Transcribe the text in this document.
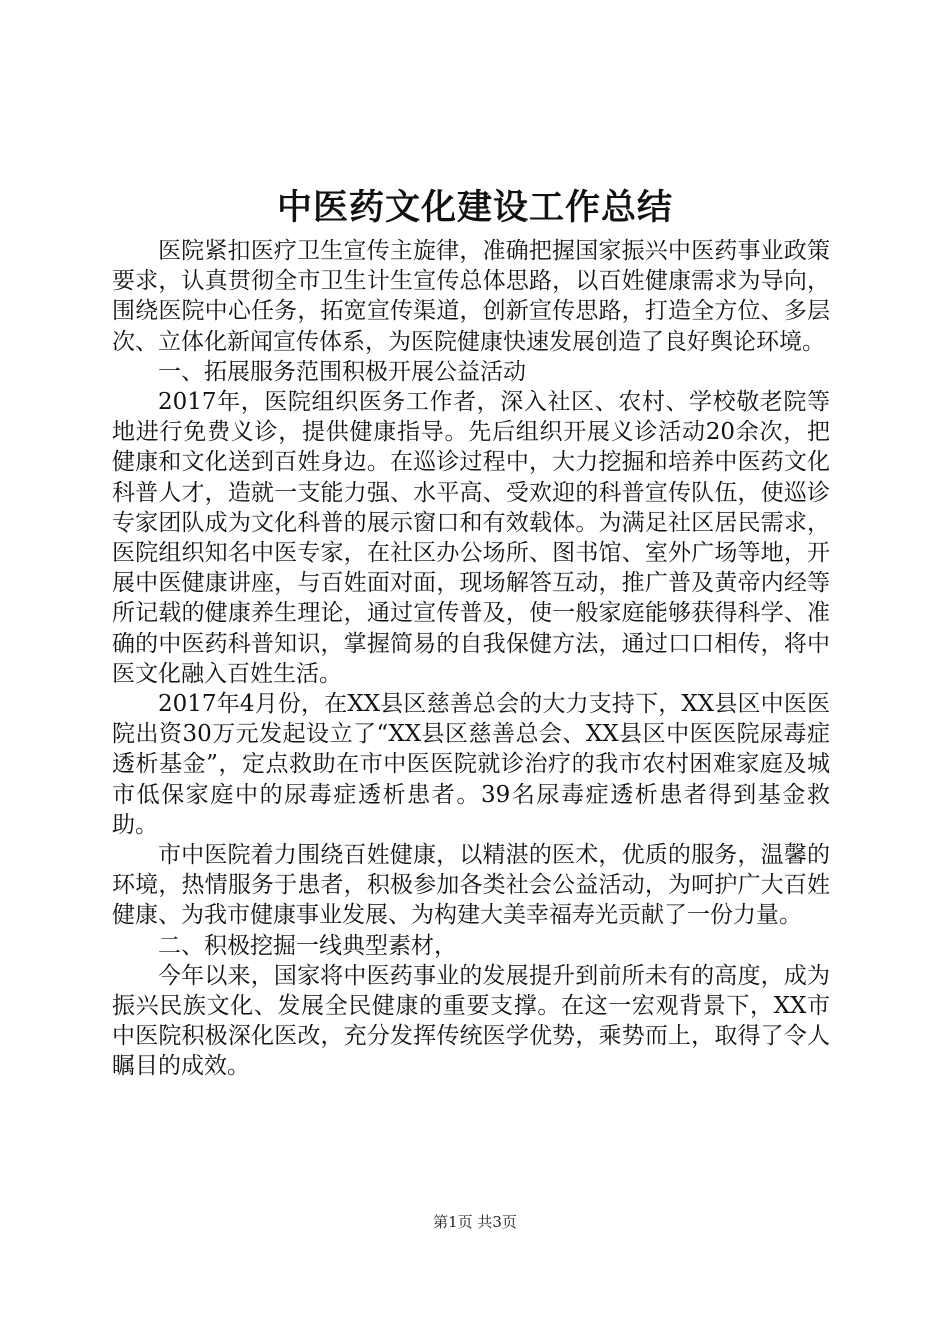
中医药文化建设工作总结

医院紧扣医疗卫生宣传主旋律，准确把握国家振兴中医药事业政策要求，认真贯彻全市卫生计生宣传总体思路，以百姓健康需求为导向，围绕医院中心任务，拓宽宣传渠道，创新宣传思路，打造全方位、多层次、立体化新闻宣传体系，为医院健康快速发展创造了良好舆论环境。

一、拓展服务范围积极开展公益活动

2017年，医院组织医务工作者，深入社区、农村、学校敬老院等地进行免费义诊，提供健康指导。先后组织开展义诊活动20余次，把健康和文化送到百姓身边。在巡诊过程中，大力挖掘和培养中医药文化科普人才，造就一支能力强、水平高、受欢迎的科普宣传队伍，使巡诊专家团队成为文化科普的展示窗口和有效载体。为满足社区居民需求，医院组织知名中医专家，在社区办公场所、图书馆、室外广场等地，开展中医健康讲座，与百姓面对面，现场解答互动，推广普及黄帝内经等所记载的健康养生理论，通过宣传普及，使一般家庭能够获得科学、准确的中医药科普知识，掌握简易的自我保健方法，通过口口相传，将中医文化融入百姓生活。

2017年4月份，在XX县区慈善总会的大力支持下，XX县区中医医院出资30万元发起设立了“XX县区慈善总会、XX县区中医医院尿毒症透析基金”，定点救助在市中医医院就诊治疗的我市农村困难家庭及城市低保家庭中的尿毒症透析患者。39名尿毒症透析患者得到基金救助。

市中医院着力围绕百姓健康，以精湛的医术，优质的服务，温馨的环境，热情服务于患者，积极参加各类社会公益活动，为呵护广大百姓健康、为我市健康事业发展、为构建大美幸福寿光贡献了一份力量。

二、积极挖掘一线典型素材，

今年以来，国家将中医药事业的发展提升到前所未有的高度，成为振兴民族文化、发展全民健康的重要支撑。在这一宏观背景下，XX市中医院积极深化医改，充分发挥传统医学优势，乘势而上，取得了令人瞩目的成效。

第1页 共3页
